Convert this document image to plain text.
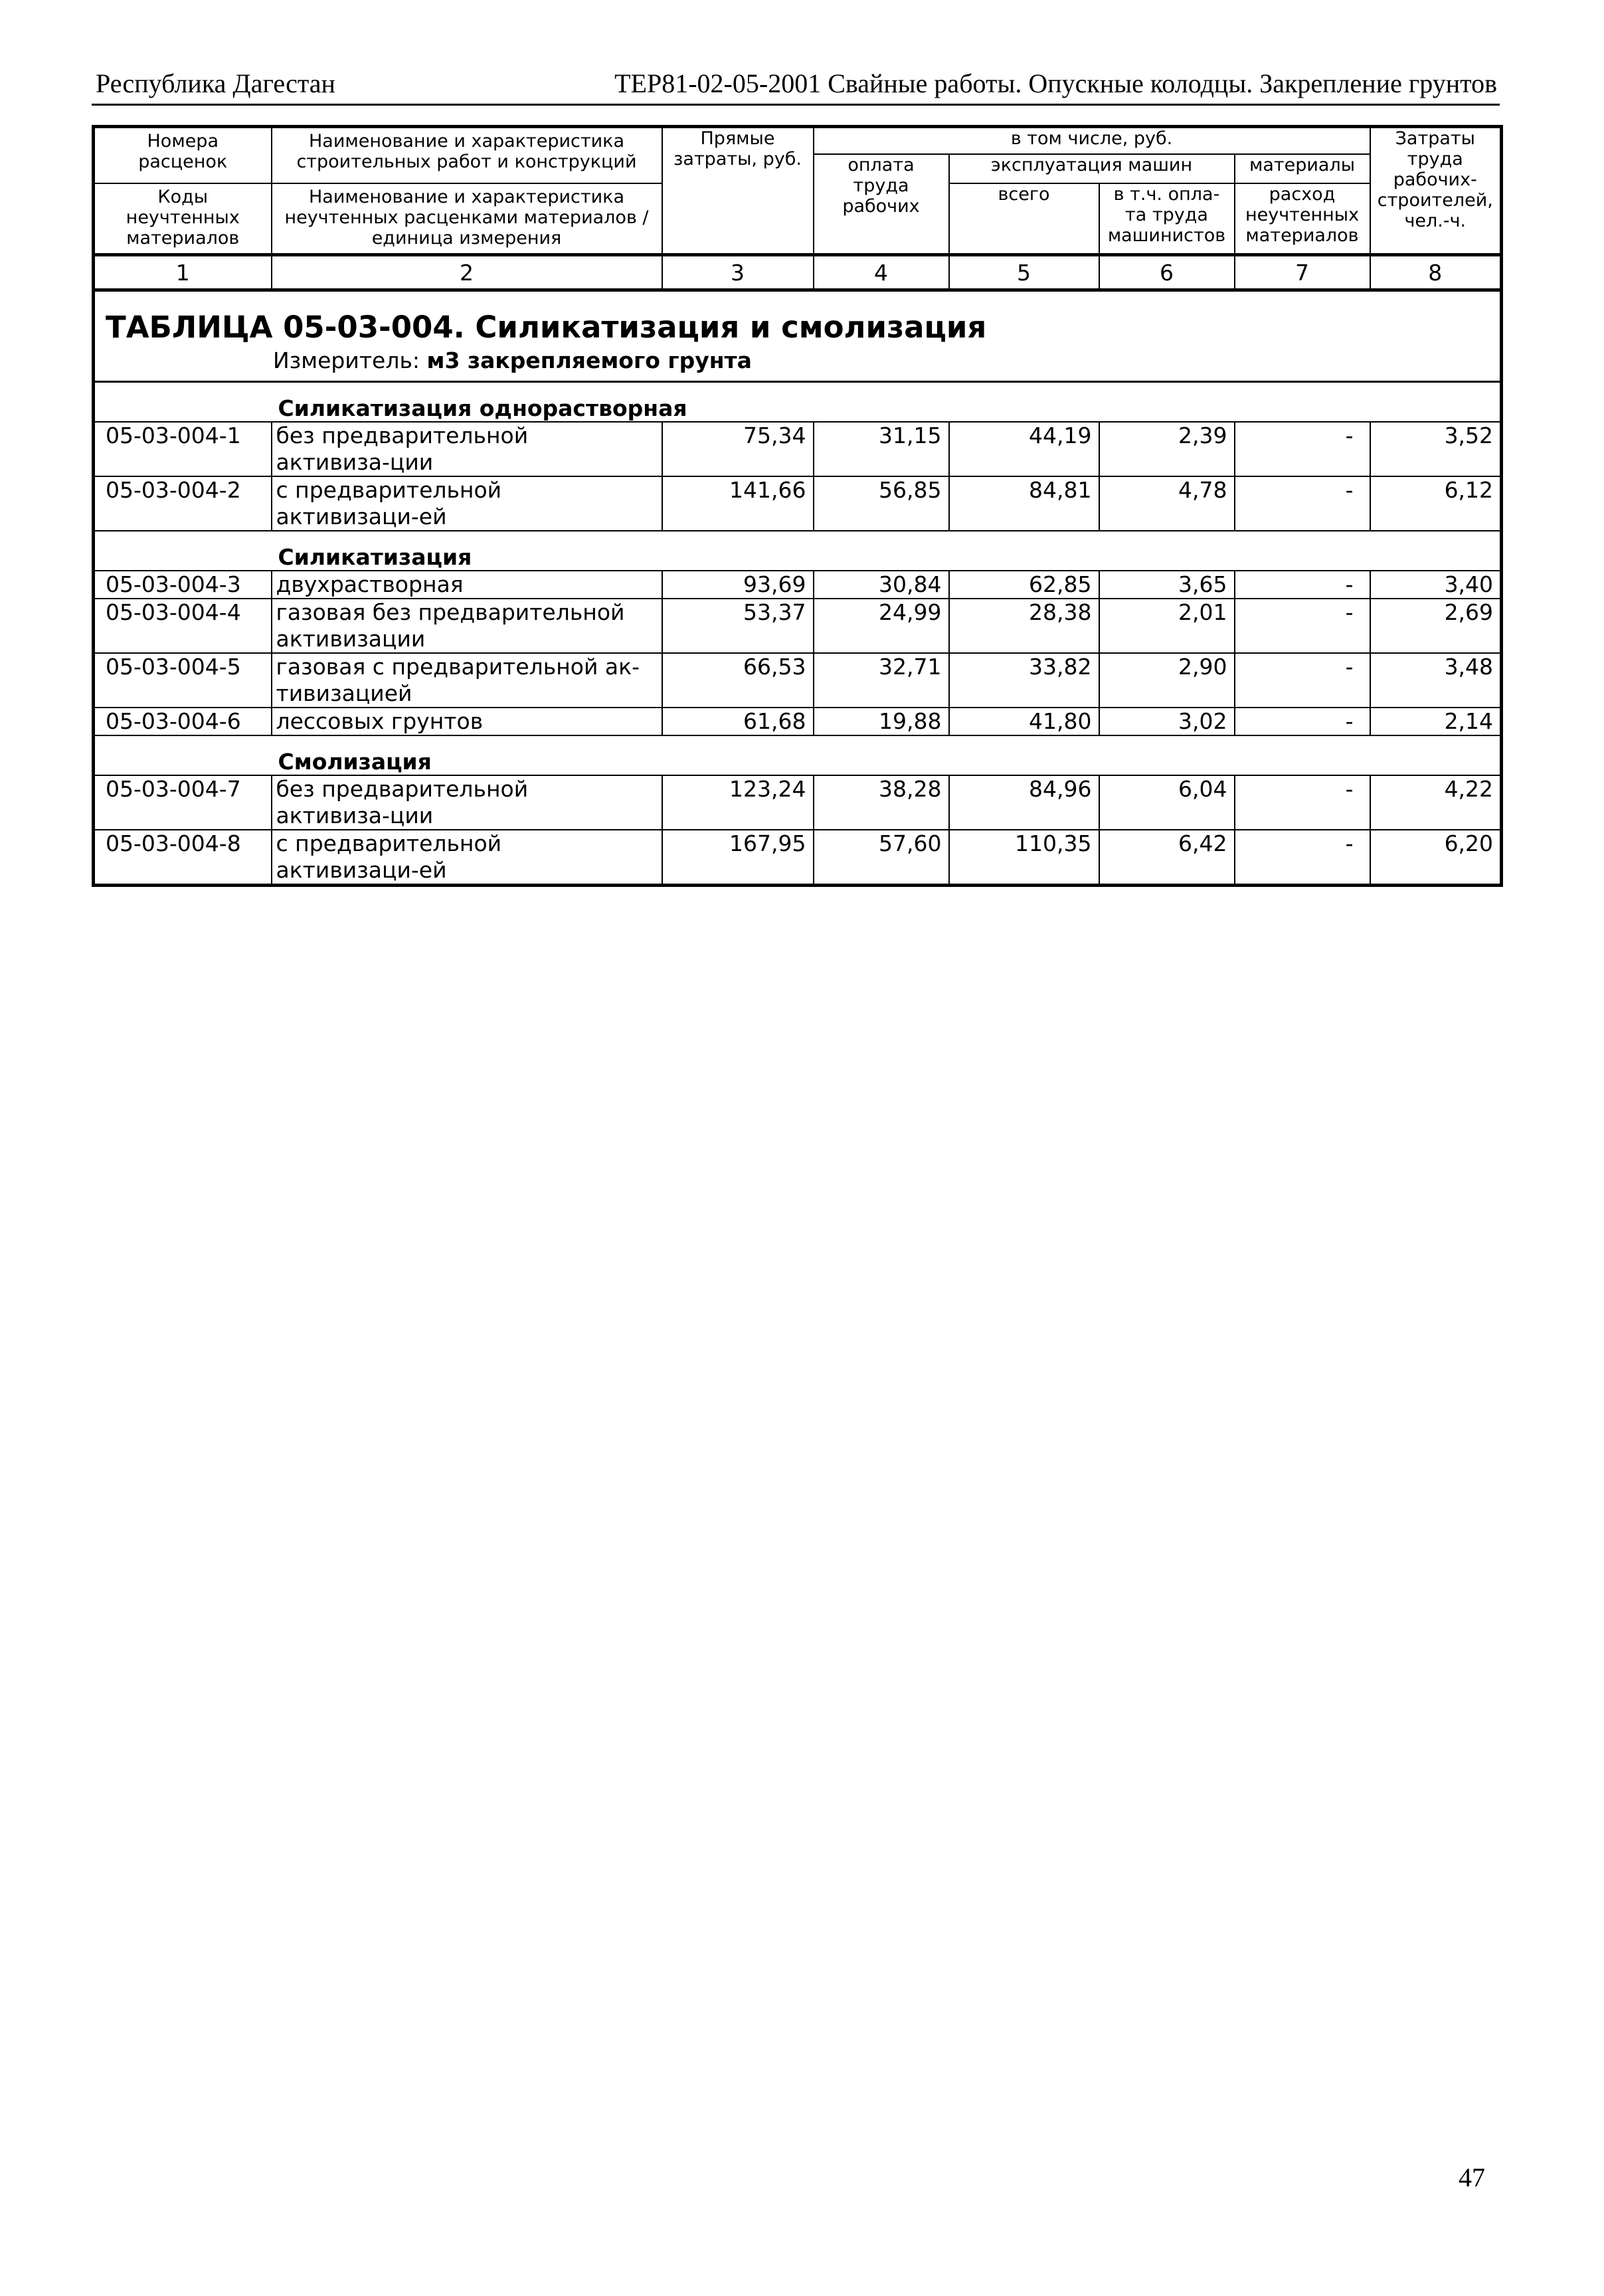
Республика Дагестан	ТЕР81-02-05-2001 Свайные работы. Опускные колодцы. Закрепление грунтов
Номера расценок	Наименование и характеристика строительных работ и конструкций	Прямые затраты, руб.	в том числе, руб.				Затраты труда рабочих-строителей, чел.-ч.
			оплата труда рабочих	эксплуатация машин		материалы	
Коды неучтенных материалов	Наименование и характеристика неучтенных расценками материалов / единица измерения			всего	в т.ч. опла-та труда машинистов	расход неучтенных материалов	

1	2	3	4	5	6	7	8

ТАБЛИЦА 05-03-004. Силикатизация и смолизация
Измеритель: м3 закрепляемого грунта							

	Силикатизация однорастворная						
05-03-004-1	без предварительной активиза-ции	75,34	31,15	44,19	2,39	-	3,52
05-03-004-2	с предварительной активизаци-ей	141,66	56,85	84,81	4,78	-	6,12
	Силикатизация						
05-03-004-3	двухрастворная	93,69	30,84	62,85	3,65	-	3,40
05-03-004-4	газовая без предварительной активизации	53,37	24,99	28,38	2,01	-	2,69
05-03-004-5	газовая с предварительной ак-тивизацией	66,53	32,71	33,82	2,90	-	3,48
05-03-004-6	лессовых грунтов	61,68	19,88	41,80	3,02	-	2,14
	Смолизация						
05-03-004-7	без предварительной активиза-ции	123,24	38,28	84,96	6,04	-	4,22
05-03-004-8	с предварительной активизаци-ей	167,95	57,60	110,35	6,42	-	6,20
47
